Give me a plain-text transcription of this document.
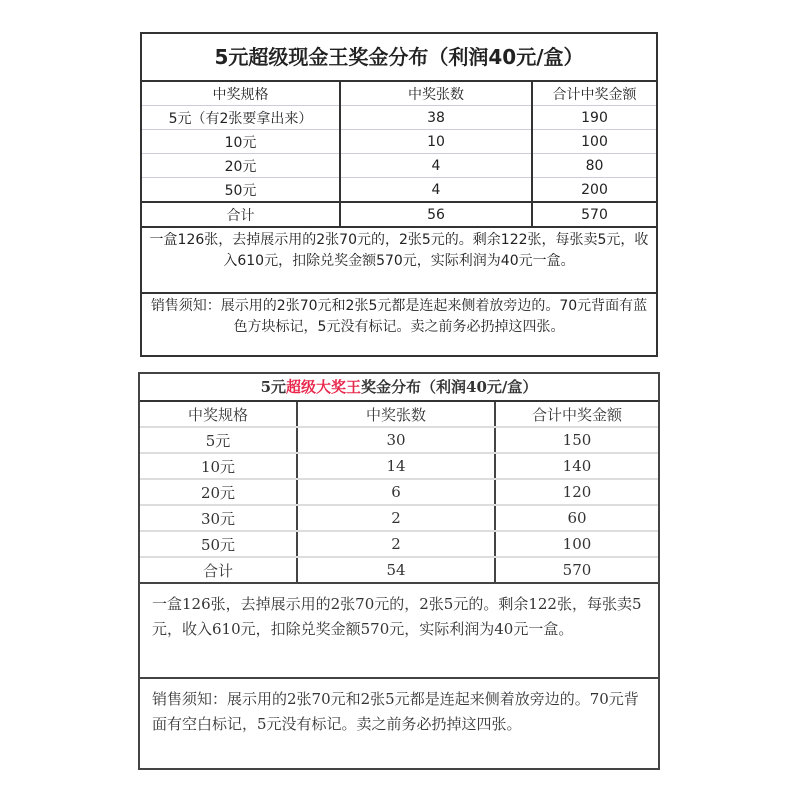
5元超级现金王奖金分布（利润40元/盒）
中奖规格	中奖张数	合计中奖金额
5元（有2张要拿出来）	38	190
10元	10	100
20元	4	80
50元	4	200
合计	56	570
一盒126张，去掉展示用的2张70元的，2张5元的。剩余122张，每张卖5元，收入610元，扣除兑奖金额570元，实际利润为40元一盒。
销售须知：展示用的2张70元和2张5元都是连起来侧着放旁边的。70元背面有蓝色方块标记，5元没有标记。卖之前务必扔掉这四张。
5元超级大奖王奖金分布（利润40元/盒）
中奖规格	中奖张数	合计中奖金额
5元	30	150
10元	14	140
20元	6	120
30元	2	60
50元	2	100
合计	54	570
一盒126张，去掉展示用的2张70元的，2张5元的。剩余122张，每张卖5元，收入610元，扣除兑奖金额570元，实际利润为40元一盒。
销售须知：展示用的2张70元和2张5元都是连起来侧着放旁边的。70元背面有空白标记，5元没有标记。卖之前务必扔掉这四张。
